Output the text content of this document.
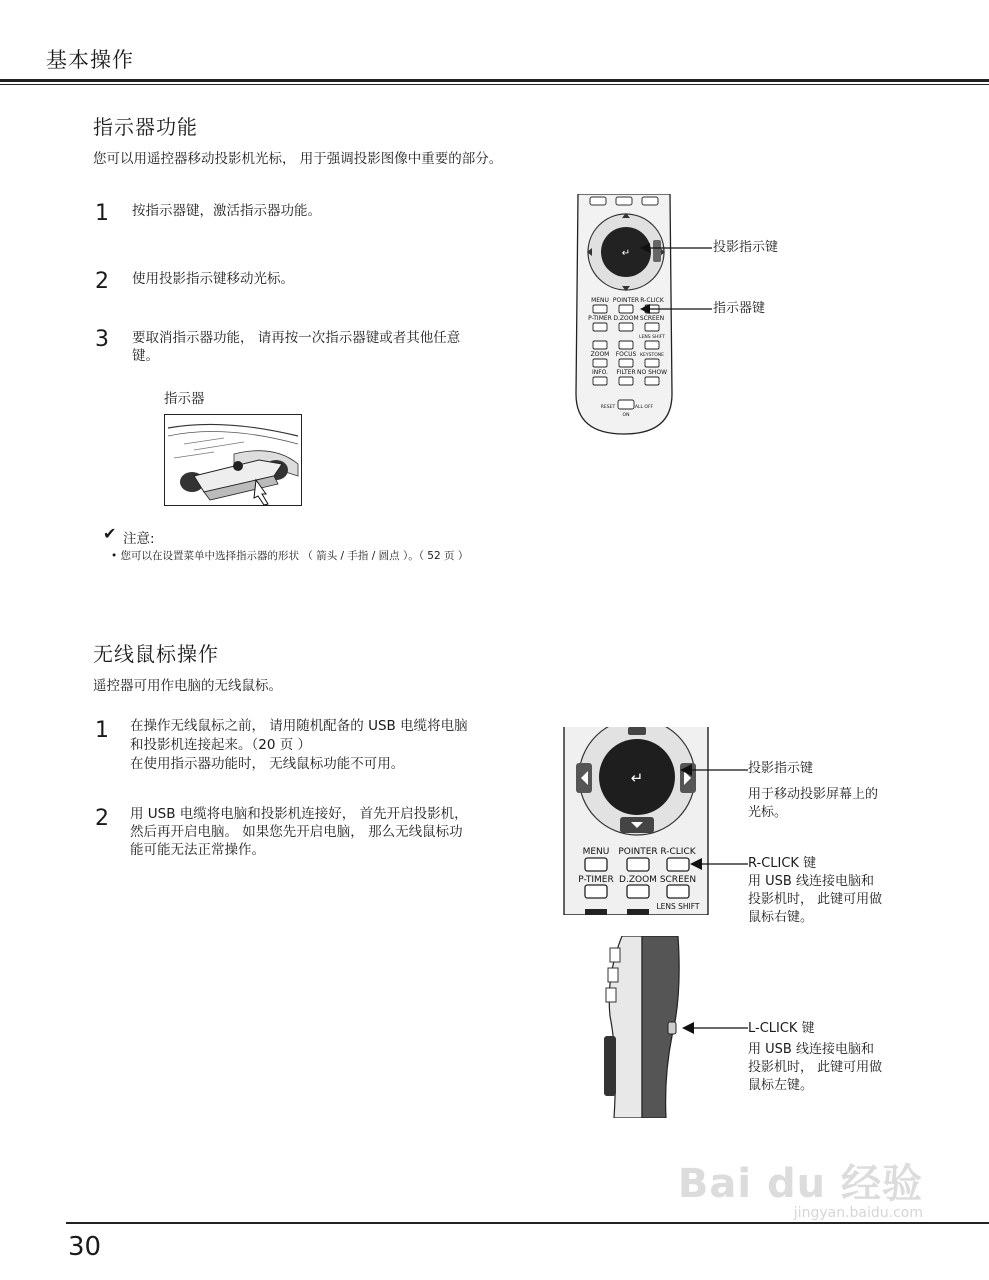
基本操作
指示器功能
您可以用遥控器移动投影机光标， 用于强调投影图像中重要的部分。
1 按指示器键，激活指示器功能。
2 使用投影指示键移动光标。
3 要取消指示器功能， 请再按一次指示器键或者其他任意
键。
指示器
✔ 注意:
• 您可以在设置菜单中选择指示器的形状 （ 箭头 / 手指 / 圆点 ）。（ 52 页 ）
↵
MENU POINTER R-CLICK
P-TIMER D.ZOOM SCREEN
LENS SHIFT
ZOOM FOCUS KEYSTONE
INFO. FILTER NO SHOW
RESET	ALL OFF
ON
投影指示键
指示器键
无线鼠标操作
遥控器可用作电脑的无线鼠标。
1 在操作无线鼠标之前， 请用随机配备的 USB 电缆将电脑
和投影机连接起来。（20 页 ）
在使用指示器功能时， 无线鼠标功能不可用。
2 用 USB 电缆将电脑和投影机连接好， 首先开启投影机，
然后再开启电脑。 如果您先开启电脑， 那么无线鼠标功
能可能无法正常操作。
↵
MENU POINTER R-CLICK
P-TIMER D.ZOOM SCREEN
LENS SHIFT
投影指示键
用于移动投影屏幕上的
光标。
R-CLICK 键
用 USB 线连接电脑和
投影机时， 此键可用做
鼠标右键。
L-CLICK 键
用 USB 线连接电脑和
投影机时， 此键可用做
鼠标左键。
Bai du 经验
jingyan.baidu.com
30
